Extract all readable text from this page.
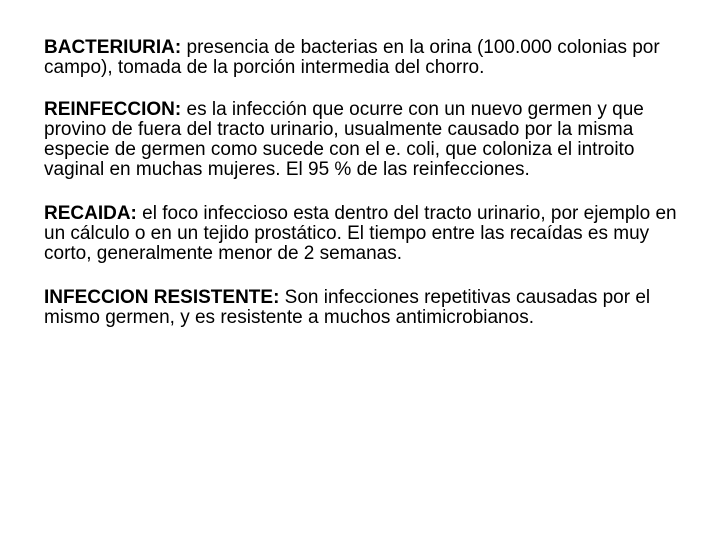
BACTERIURIA: presencia de bacterias en la orina (100.000 colonias por campo), tomada de la porción intermedia del chorro.

REINFECCION: es la infección que ocurre con un nuevo germen y que provino de fuera del tracto urinario, usualmente causado por la misma especie de germen como sucede con el e. coli, que coloniza el introito vaginal en muchas mujeres. El 95 % de las reinfecciones.

RECAIDA: el foco infeccioso esta dentro del tracto urinario, por ejemplo en un cálculo o en un tejido prostático. El tiempo entre las recaídas es muy corto, generalmente menor de 2 semanas.

INFECCION RESISTENTE: Son infecciones repetitivas causadas por el mismo germen, y es resistente a muchos antimicrobianos.
